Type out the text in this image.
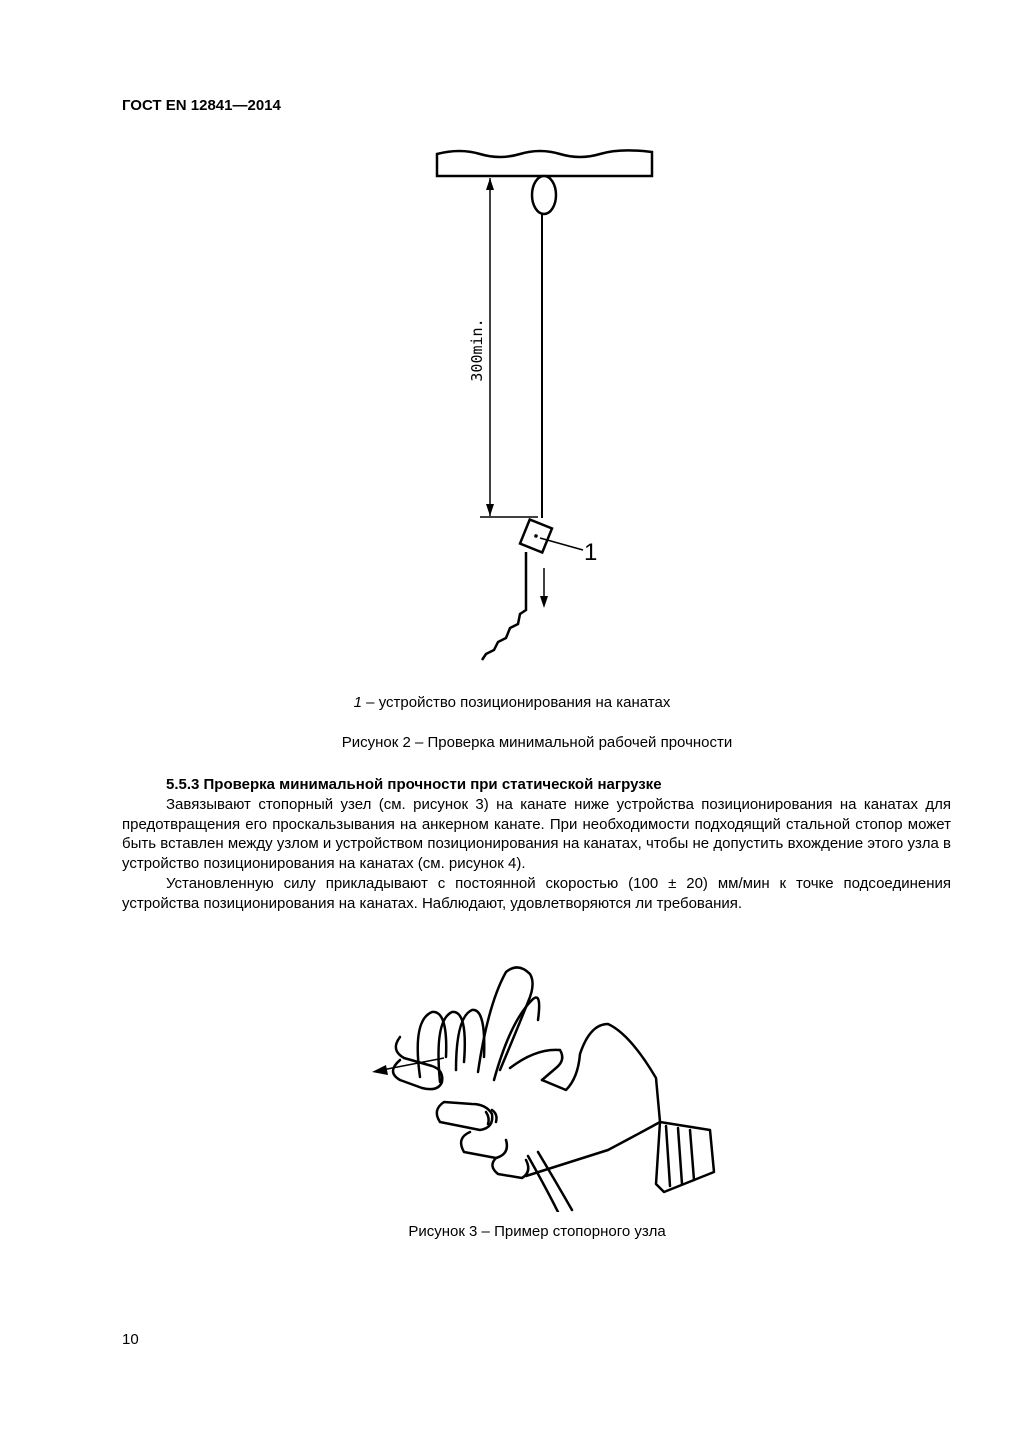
ГОСТ EN 12841—2014
300min.
1
1 – устройство позиционирования на канатах
Рисунок 2 – Проверка минимальной рабочей прочности
5.5.3 Проверка минимальной прочности при статической нагрузке

Завязывают стопорный узел (см. рисунок 3) на канате ниже устройства позиционирования на канатах для предотвращения его проскальзывания на анкерном канате. При необходимости подходящий стальной стопор может быть вставлен между узлом и устройством позиционирования на канатах, чтобы не допустить вхождение этого узла в устройство позиционирования на канатах (см. рисунок 4).

Установленную силу прикладывают с постоянной скоростью (100 ± 20) мм/мин к точке подсоединения устройства позиционирования на канатах. Наблюдают, удовлетворяются ли требования.

Рисунок 3 – Пример стопорного узла
10
